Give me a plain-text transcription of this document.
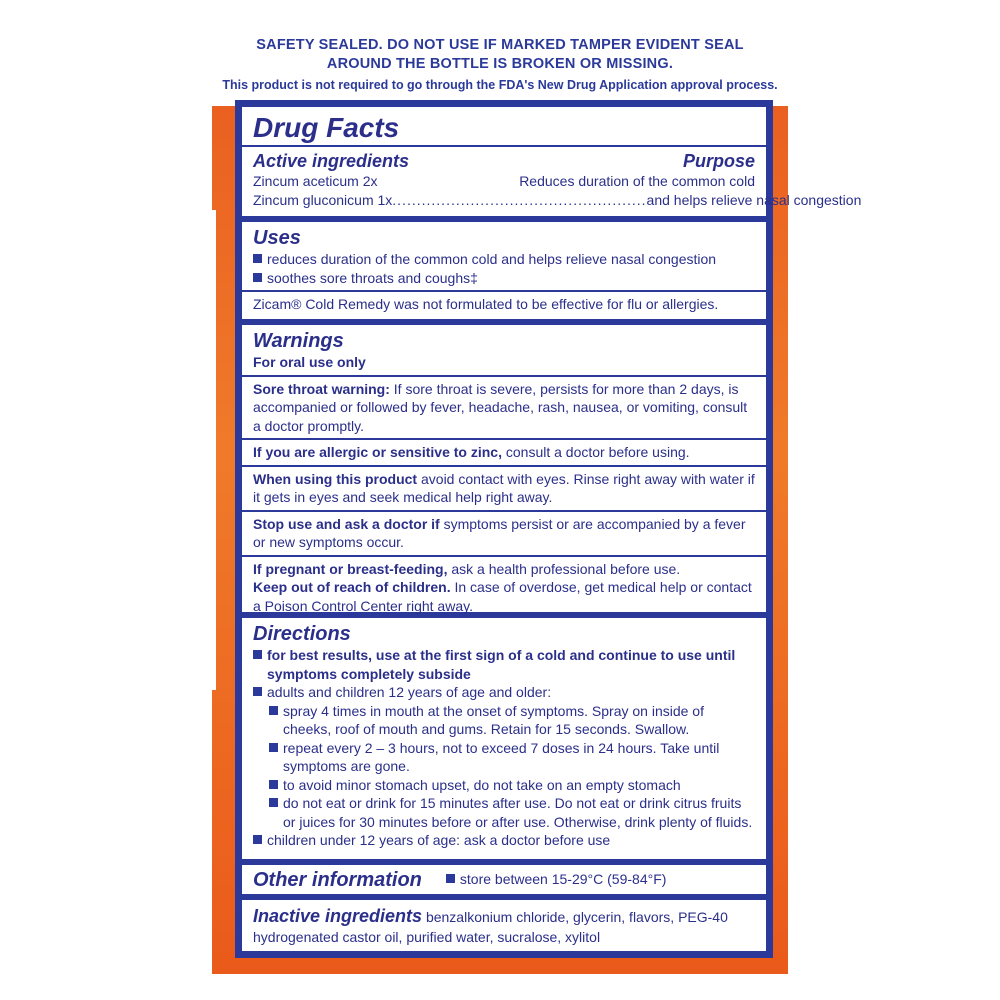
SAFETY SEALED. DO NOT USE IF MARKED TAMPER EVIDENT SEAL
AROUND THE BOTTLE IS BROKEN OR MISSING.
This product is not required to go through the FDA's New Drug Application approval process.
Drug Facts
Active ingredients	Purpose
Zincum aceticum 2x	Reduces duration of the common cold
Zincum gluconicum 1x .................................................... and helps relieve nasal congestion
Uses
reduces duration of the common cold and helps relieve nasal congestion
soothes sore throats and coughs‡
Zicam® Cold Remedy was not formulated to be effective for flu or allergies.
Warnings
For oral use only
Sore throat warning: If sore throat is severe, persists for more than 2 days, is accompanied or followed by fever, headache, rash, nausea, or vomiting, consult a doctor promptly.
If you are allergic or sensitive to zinc, consult a doctor before using.
When using this product avoid contact with eyes. Rinse right away with water if it gets in eyes and seek medical help right away.
Stop use and ask a doctor if symptoms persist or are accompanied by a fever or new symptoms occur.
If pregnant or breast-feeding, ask a health professional before use.
Keep out of reach of children. In case of overdose, get medical help or contact a Poison Control Center right away.
Directions
for best results, use at the first sign of a cold and continue to use until symptoms completely subside
adults and children 12 years of age and older:
spray 4 times in mouth at the onset of symptoms. Spray on inside of cheeks, roof of mouth and gums. Retain for 15 seconds. Swallow.
repeat every 2 – 3 hours, not to exceed 7 doses in 24 hours. Take until symptoms are gone.
to avoid minor stomach upset, do not take on an empty stomach
do not eat or drink for 15 minutes after use. Do not eat or drink citrus fruits or juices for 30 minutes before or after use. Otherwise, drink plenty of fluids.
children under 12 years of age: ask a doctor before use
Other information	store between 15-29°C (59-84°F)
Inactive ingredients benzalkonium chloride, glycerin, flavors, PEG-40 hydrogenated castor oil, purified water, sucralose, xylitol
